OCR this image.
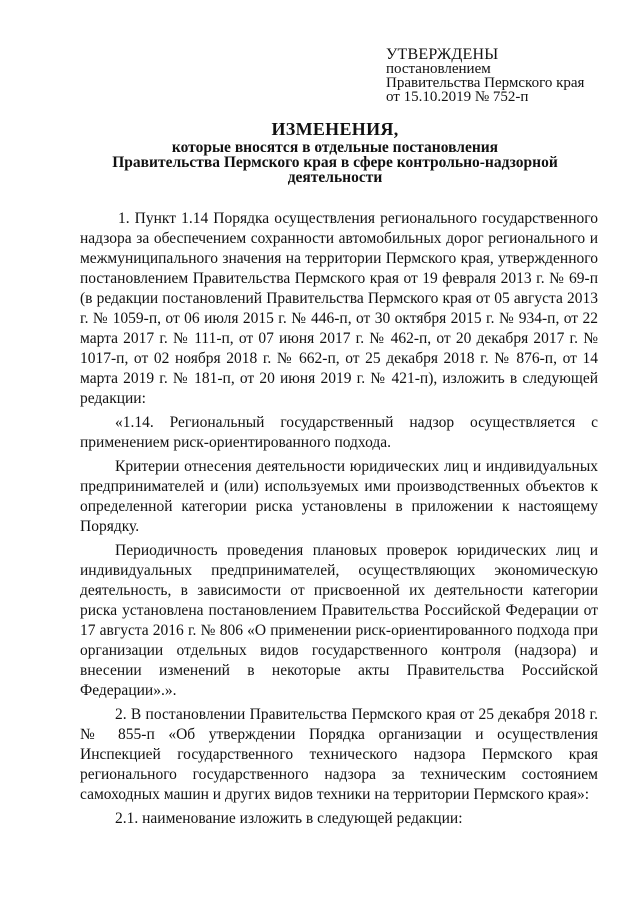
УТВЕРЖДЕНЫ
постановлением
Правительства Пермского края
от 15.10.2019 № 752-п
ИЗМЕНЕНИЯ,
которые вносятся в отдельные постановления
Правительства Пермского края в сфере контрольно-надзорной
деятельности

1. Пункт 1.14 Порядка осуществления регионального государственного надзора за обеспечением сохранности автомобильных дорог регионального и межмуниципального значения на территории Пермского края, утвержденного постановлением Правительства Пермского края от 19 февраля 2013 г. № 69-п (в редакции постановлений Правительства Пермского края от 05 августа 2013 г. № 1059-п, от 06 июля 2015 г. № 446-п, от 30 октября 2015 г. № 934-п, от 22 марта 2017 г. № 111-п, от 07 июня 2017 г. № 462-п, от 20 декабря 2017 г. № 1017-п, от 02 ноября 2018 г. № 662-п, от 25 декабря 2018 г. № 876-п, от 14 марта 2019 г. № 181-п, от 20 июня 2019 г. № 421-п), изложить в следующей редакции:

«1.14. Региональный государственный надзор осуществляется с применением риск-ориентированного подхода.

Критерии отнесения деятельности юридических лиц и индивидуальных предпринимателей и (или) используемых ими производственных объектов к определенной категории риска установлены в приложении к настоящему Порядку.

Периодичность проведения плановых проверок юридических лиц и индивидуальных предпринимателей, осуществляющих экономическую деятельность, в зависимости от присвоенной их деятельности категории риска установлена постановлением Правительства Российской Федерации от 17 августа 2016 г. № 806 «О применении риск-ориентированного подхода при организации отдельных видов государственного контроля (надзора) и внесении изменений в некоторые акты Правительства Российской Федерации».».

2. В постановлении Правительства Пермского края от 25 декабря 2018 г. № 855-п «Об утверждении Порядка организации и осуществления Инспекцией государственного технического надзора Пермского края регионального государственного надзора за техническим состоянием самоходных машин и других видов техники на территории Пермского края»:

2.1. наименование изложить в следующей редакции:
